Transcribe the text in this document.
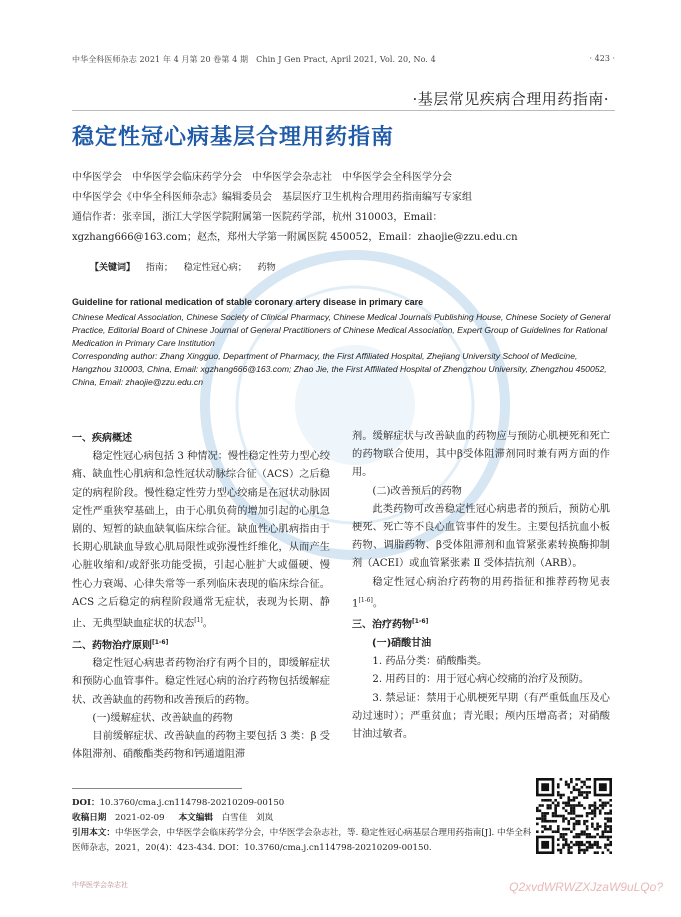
中华全科医师杂志 2021 年 4 月第 20 卷第 4 期　Chin J Gen Pract, April 2021, Vol. 20, No. 4	· 423 ·
·基层常见疾病合理用药指南·
稳定性冠心病基层合理用药指南
中华医学会　中华医学会临床药学分会　中华医学会杂志社　中华医学会全科医学分会
中华医学会《中华全科医师杂志》编辑委员会　基层医疗卫生机构合理用药指南编写专家组
通信作者：张幸国，浙江大学医学院附属第一医院药学部，杭州 310003，Email：
xgzhang666@163.com；赵杰，郑州大学第一附属医院 450052，Email：zhaojie@zzu.edu.cn
【关键词】 指南； 稳定性冠心病； 药物
Guideline for rational medication of stable coronary artery disease in primary care
Chinese Medical Association, Chinese Society of Clinical Pharmacy, Chinese Medical Journals Publishing House, Chinese Society of General Practice, Editorial Board of Chinese Journal of General Practitioners of Chinese Medical Association, Expert Group of Guidelines for Rational Medication in Primary Care Institution
Corresponding author: Zhang Xingguo, Department of Pharmacy, the First Affiliated Hospital, Zhejiang University School of Medicine, Hangzhou 310003, China, Email: xgzhang666@163.com; Zhao Jie, the First Affiliated Hospital of Zhengzhou University, Zhengzhou 450052, China, Email: zhaojie@zzu.edu.cn

一、疾病概述

稳定性冠心病包括 3 种情况：慢性稳定性劳力型心绞痛、缺血性心肌病和急性冠状动脉综合征（ACS）之后稳定的病程阶段。慢性稳定性劳力型心绞痛是在冠状动脉固定性严重狭窄基础上，由于心肌负荷的增加引起的心肌急剧的、短暂的缺血缺氧临床综合征。缺血性心肌病指由于长期心肌缺血导致心肌局限性或弥漫性纤维化，从而产生心脏收缩和/或舒张功能受损，引起心脏扩大或僵硬、慢性心力衰竭、心律失常等一系列临床表现的临床综合征。ACS 之后稳定的病程阶段通常无症状，表现为长期、静止、无典型缺血症状的状态[1]。

二、药物治疗原则[1-6]

稳定性冠心病患者药物治疗有两个目的，即缓解症状和预防心血管事件。稳定性冠心病的治疗药物包括缓解症状、改善缺血的药物和改善预后的药物。

(一)缓解症状、改善缺血的药物

目前缓解症状、改善缺血的药物主要包括 3 类：β 受体阻滞剂、硝酸酯类药物和钙通道阻滞

剂。缓解症状与改善缺血的药物应与预防心肌梗死和死亡的药物联合使用，其中β受体阻滞剂同时兼有两方面的作用。

(二)改善预后的药物

此类药物可改善稳定性冠心病患者的预后，预防心肌梗死、死亡等不良心血管事件的发生。主要包括抗血小板药物、调脂药物、β受体阻滞剂和血管紧张素转换酶抑制剂（ACEI）或血管紧张素 Ⅱ 受体拮抗剂（ARB）。

稳定性冠心病治疗药物的用药指征和推荐药物见表 1[1-6]。

三、治疗药物[1-6]

(一)硝酸甘油

1. 药品分类：硝酸酯类。

2. 用药目的：用于冠心病心绞痛的治疗及预防。

3. 禁忌证：禁用于心肌梗死早期（有严重低血压及心动过速时）；严重贫血；青光眼；颅内压增高者；对硝酸甘油过敏者。

DOI：10.3760/cma.j.cn114798-20210209-00150
收稿日期　 2021-02-09 本文编辑　 白雪佳　刘岚
引用本文：中华医学会，中华医学会临床药学分会，中华医学会杂志社，等. 稳定性冠心病基层合理用药指南[J]. 中华全科医师杂志，2021，20(4)：423-434. DOI：10.3760/cma.j.cn114798-20210209-00150.
中华医学会杂志社	Q2xvdWRWZXJzaW9uLQo?
